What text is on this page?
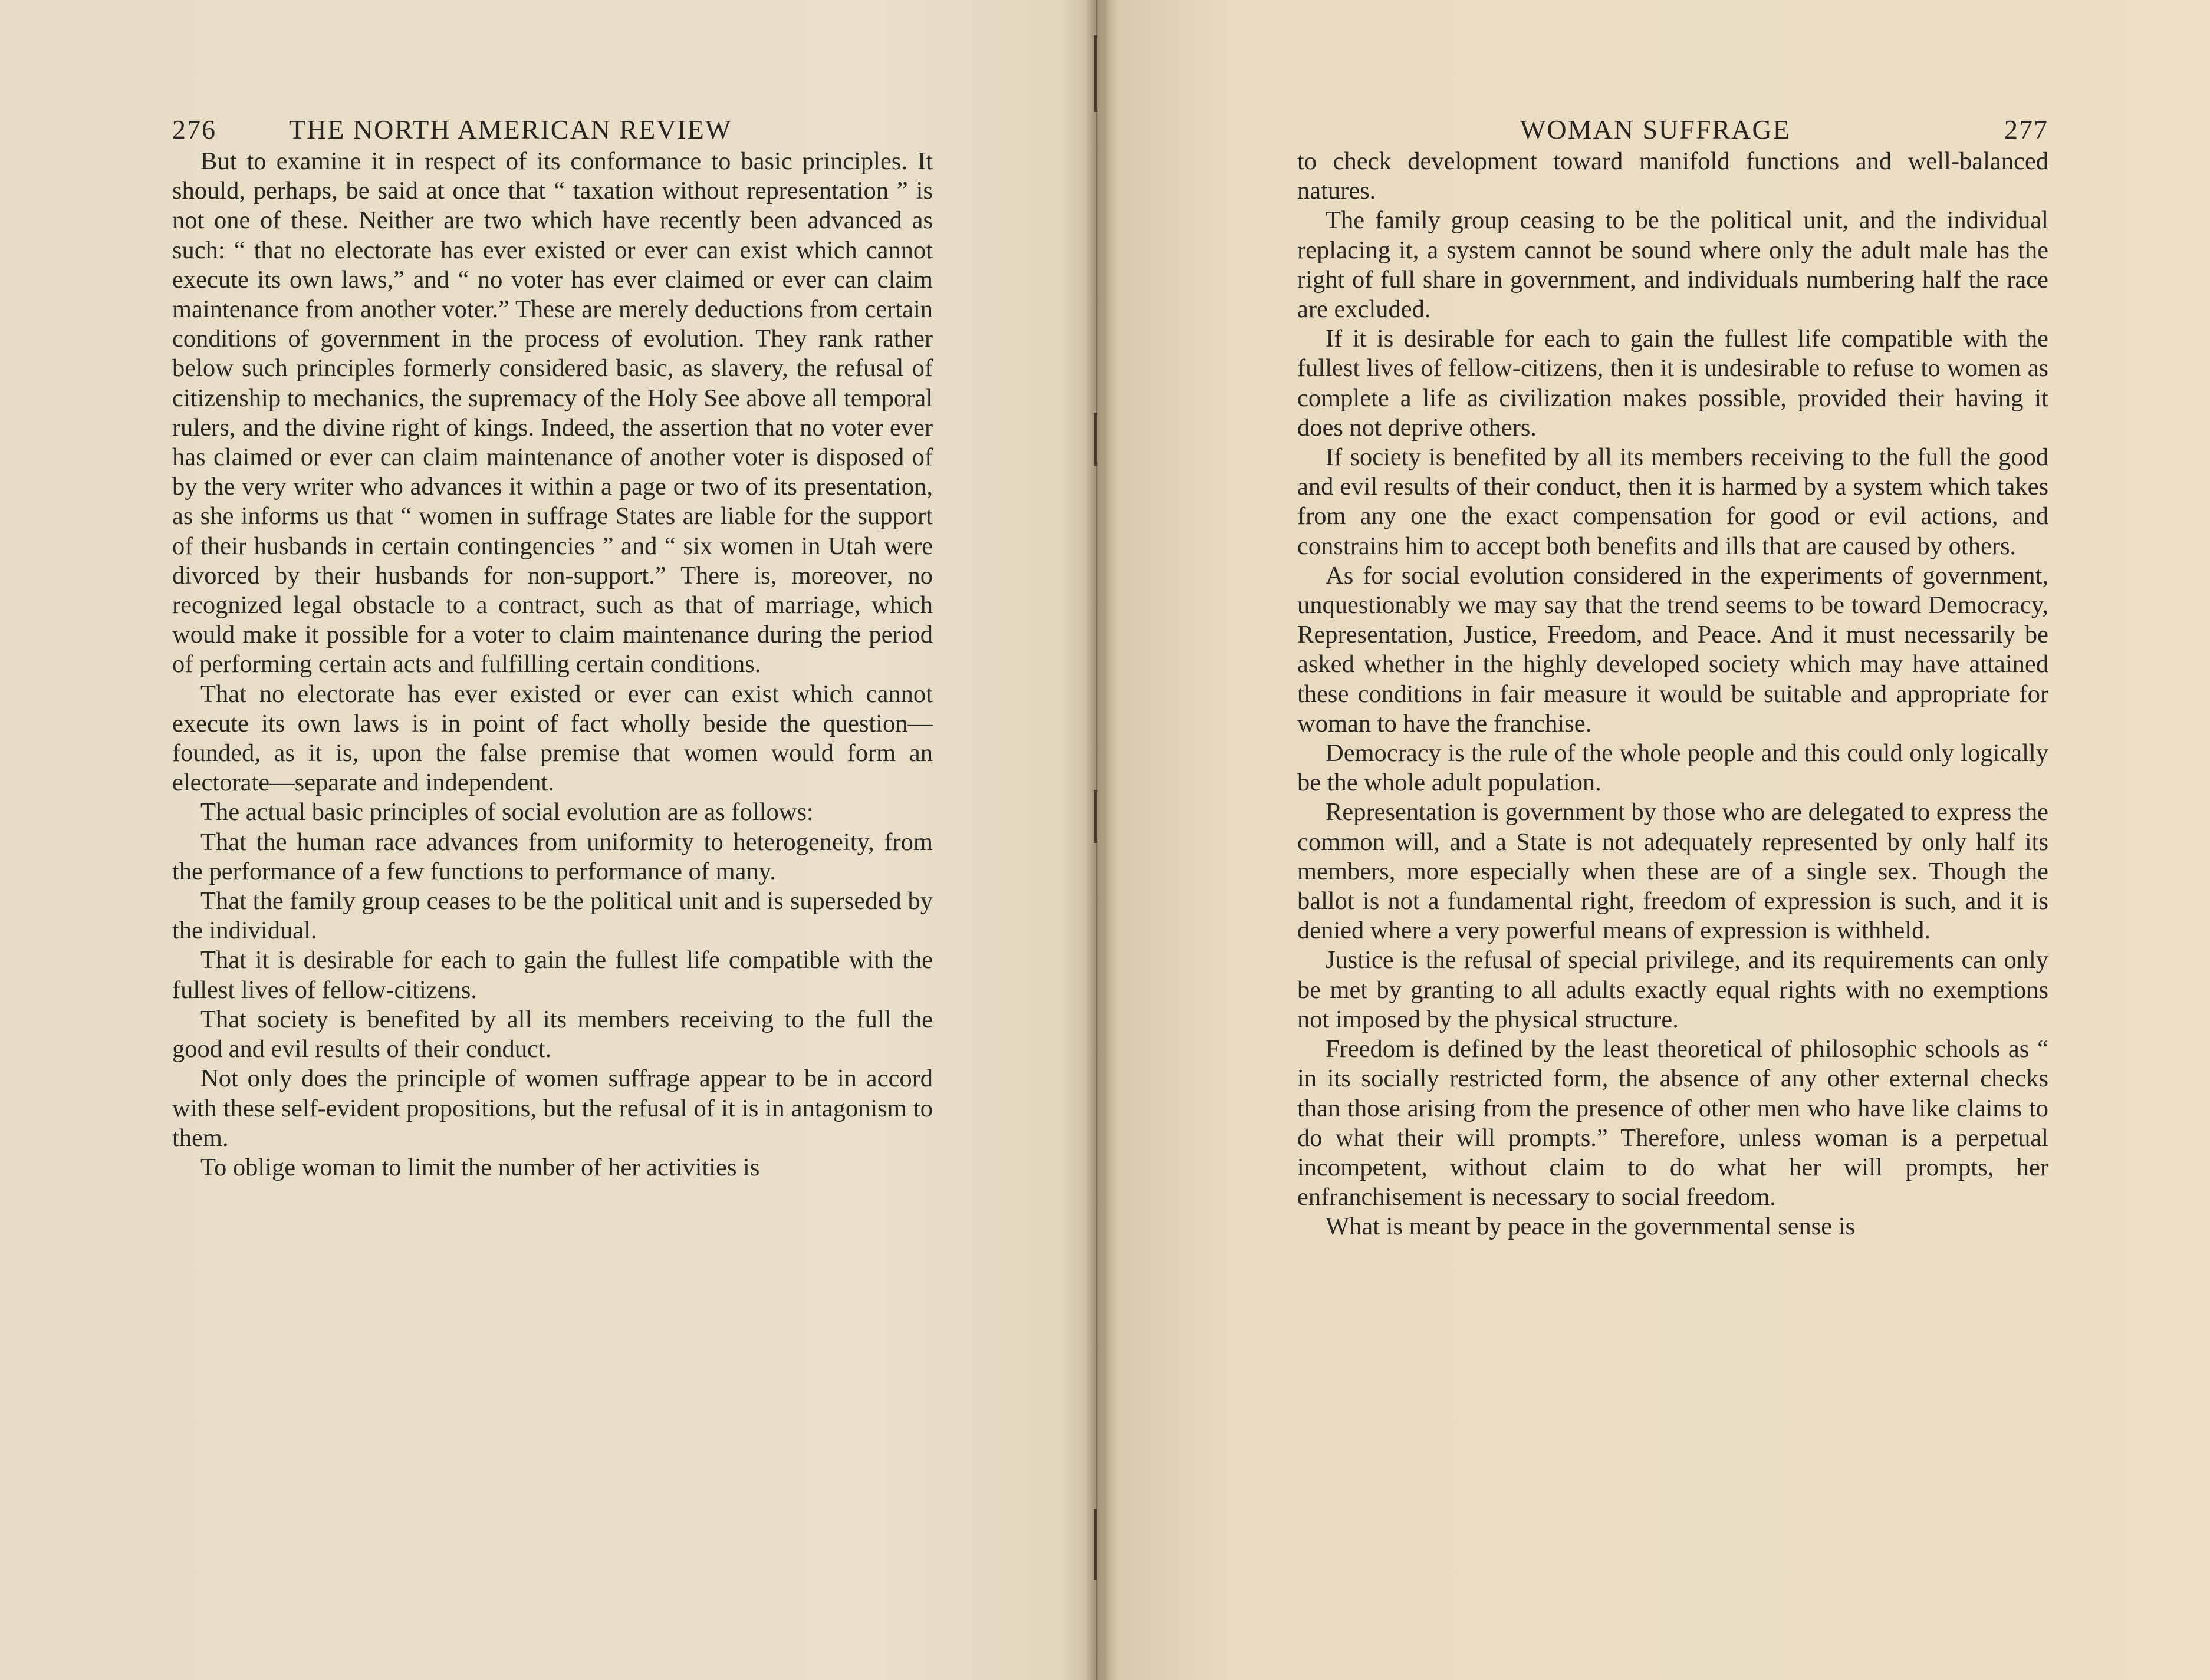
276	THE NORTH AMERICAN REVIEW

But to examine it in respect of its conformance to basic principles. It should, perhaps, be said at once that “ taxation without representation ” is not one of these. Neither are two which have recently been advanced as such: “ that no electorate has ever existed or ever can exist which cannot execute its own laws,” and “ no voter has ever claimed or ever can claim maintenance from another voter.” These are merely deductions from certain conditions of government in the process of evolution. They rank rather below such principles formerly considered basic, as slavery, the refusal of citizenship to mechanics, the supremacy of the Holy See above all temporal rulers, and the divine right of kings. Indeed, the assertion that no voter ever has claimed or ever can claim maintenance of another voter is disposed of by the very writer who advances it within a page or two of its presentation, as she informs us that “ women in suffrage States are liable for the support of their husbands in certain contingencies ” and “ six women in Utah were divorced by their husbands for non-support.” There is, moreover, no recognized legal obstacle to a contract, such as that of marriage, which would make it possible for a voter to claim maintenance during the period of performing certain acts and fulfilling certain conditions.

That no electorate has ever existed or ever can exist which cannot execute its own laws is in point of fact wholly beside the question—founded, as it is, upon the false premise that women would form an electorate—separate and independent.

The actual basic principles of social evolution are as follows:

That the human race advances from uniformity to heterogeneity, from the performance of a few functions to performance of many.

That the family group ceases to be the political unit and is superseded by the individual.

That it is desirable for each to gain the fullest life compatible with the fullest lives of fellow-citizens.

That society is benefited by all its members receiving to the full the good and evil results of their conduct.

Not only does the principle of women suffrage appear to be in accord with these self-evident propositions, but the refusal of it is in antagonism to them.

To oblige woman to limit the number of her activities is

WOMAN SUFFRAGE	277

to check development toward manifold functions and well-balanced natures.

The family group ceasing to be the political unit, and the individual replacing it, a system cannot be sound where only the adult male has the right of full share in government, and individuals numbering half the race are excluded.

If it is desirable for each to gain the fullest life compatible with the fullest lives of fellow-citizens, then it is undesirable to refuse to women as complete a life as civilization makes possible, provided their having it does not deprive others.

If society is benefited by all its members receiving to the full the good and evil results of their conduct, then it is harmed by a system which takes from any one the exact compensation for good or evil actions, and constrains him to accept both benefits and ills that are caused by others.

As for social evolution considered in the experiments of government, unquestionably we may say that the trend seems to be toward Democracy, Representation, Justice, Freedom, and Peace. And it must necessarily be asked whether in the highly developed society which may have attained these conditions in fair measure it would be suitable and appropriate for woman to have the franchise.

Democracy is the rule of the whole people and this could only logically be the whole adult population.

Representation is government by those who are delegated to express the common will, and a State is not adequately represented by only half its members, more especially when these are of a single sex. Though the ballot is not a fundamental right, freedom of expression is such, and it is denied where a very powerful means of expression is withheld.

Justice is the refusal of special privilege, and its requirements can only be met by granting to all adults exactly equal rights with no exemptions not imposed by the physical structure.

Freedom is defined by the least theoretical of philosophic schools as “ in its socially restricted form, the absence of any other external checks than those arising from the presence of other men who have like claims to do what their will prompts.” Therefore, unless woman is a perpetual incompetent, without claim to do what her will prompts, her enfranchisement is necessary to social freedom.

What is meant by peace in the governmental sense is
